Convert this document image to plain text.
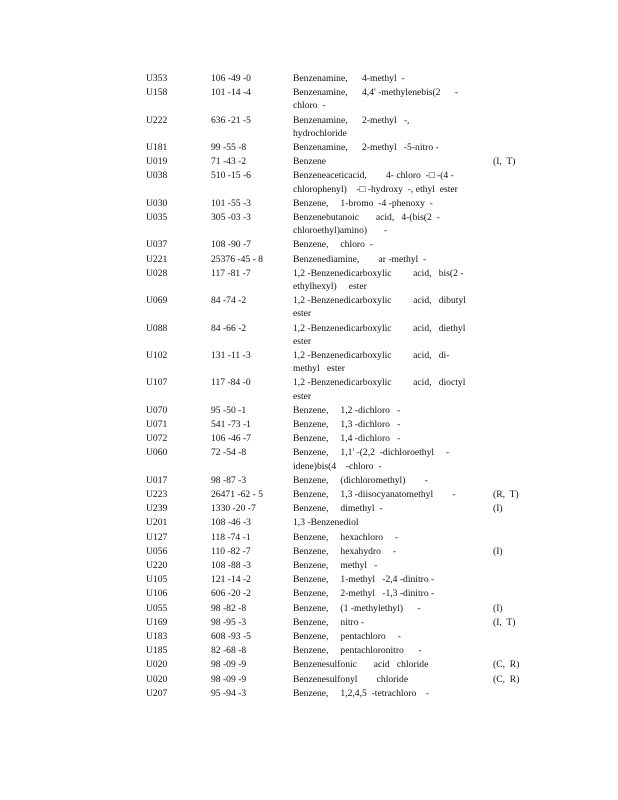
U353	106 -49 -0	Benzenamine,      4-methyl  -
U158	101 -14 -4	Benzenamine,      4,4' -methylenebis(2      -
chloro  -
U222	636 -21 -5	Benzenamine,      2-methyl   -,
hydrochloride
U181	99 -55 -8	Benzenamine,      2-methyl   -5-nitro -
U019	71 -43 -2	Benzene	(I,  T)
U038	510 -15 -6	Benzeneaceticacid,        4- chloro  -□ -(4 -
chlorophenyl)    -□ -hydroxy  -, ethyl  ester
U030	101 -55 -3	Benzene,     1-bromo  -4 -phenoxy  -
U035	305 -03 -3	Benzenebutanoic       acid,   4-(bis(2  -
chloroethyl)amino)       -
U037	108 -90 -7	Benzene,     chloro  -
U221	25376 -45 - 8	Benzenediamine,        ar -methyl  -
U028	117 -81 -7	1,2 -Benzenedicarboxylic         acid,   bis(2 -
ethylhexyl)     ester
U069	84 -74 -2	1,2 -Benzenedicarboxylic         acid,   dibutyl
ester
U088	84 -66 -2	1,2 -Benzenedicarboxylic         acid,   diethyl
ester
U102	131 -11 -3	1,2 -Benzenedicarboxylic         acid,   di-
methyl   ester
U107	117 -84 -0	1,2 -Benzenedicarboxylic         acid,   dioctyl
ester
U070	95 -50 -1	Benzene,     1,2 -dichloro   -
U071	541 -73 -1	Benzene,     1,3 -dichloro   -
U072	106 -46 -7	Benzene,     1,4 -dichloro   -
U060	72 -54 -8	Benzene,     1,1' -(2,2  -dichloroethyl     -
idene)bis(4    -chloro  -
U017	98 -87 -3	Benzene,     (dichloromethyl)        -
U223	26471 -62 - 5	Benzene,     1,3 -diisocyanatomethyl        -	(R,  T)
U239	1330 -20 -7	Benzene,     dimethyl  -	(I)
U201	108 -46 -3	1,3 -Benzenediol
U127	118 -74 -1	Benzene,     hexachloro     -
U056	110 -82 -7	Benzene,     hexahydro     -	(I)
U220	108 -88 -3	Benzene,     methyl   -
U105	121 -14 -2	Benzene,     1-methyl   -2,4 -dinitro -
U106	606 -20 -2	Benzene,     2-methyl   -1,3 -dinitro -
U055	98 -82 -8	Benzene,     (1 -methylethyl)      -	(I)
U169	98 -95 -3	Benzene,     nitro -	(I,  T)
U183	608 -93 -5	Benzene,     pentachloro     -
U185	82 -68 -8	Benzene,     pentachloronitro      -
U020	98 -09 -9	Benzenesulfonic       acid   chloride	(C,  R)
U020	98 -09 -9	Benzenesulfonyl        chloride	(C,  R)
U207	95 -94 -3	Benzene,     1,2,4,5  -tetrachloro    -
